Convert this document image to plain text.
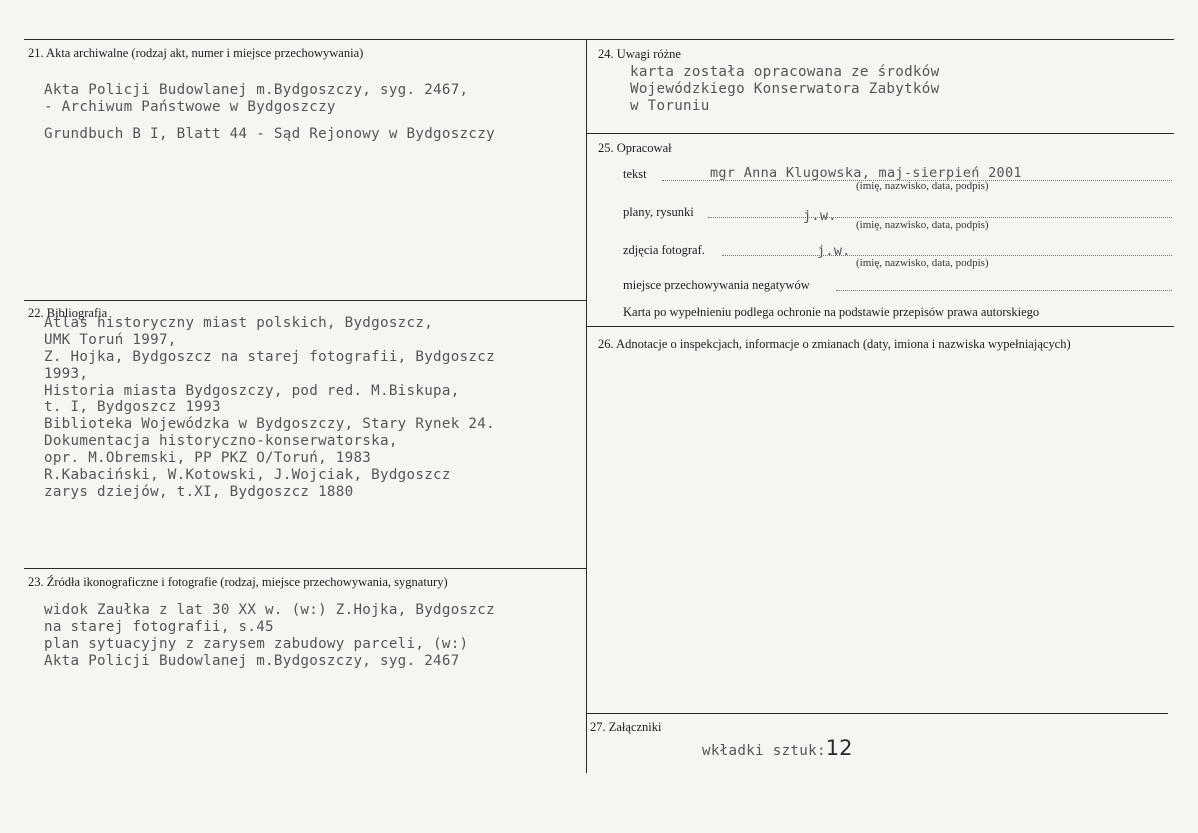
21. Akta archiwalne (rodzaj akt, numer i miejsce przechowywania)
Akta Policji Budowlanej m.Bydgoszczy, syg. 2467,
- Archiwum Państwowe w Bydgoszczy
Grundbuch B I, Blatt 44 - Sąd Rejonowy w Bydgoszczy
22. Bibliografia
Atlas historyczny miast polskich, Bydgoszcz,
UMK Toruń 1997,
Z. Hojka, Bydgoszcz na starej fotografii, Bydgoszcz
1993,
Historia miasta Bydgoszczy, pod red. M.Biskupa,
t. I, Bydgoszcz 1993
Biblioteka Wojewódzka w Bydgoszczy, Stary Rynek 24.
Dokumentacja historyczno-konserwatorska,
opr. M.Obremski, PP PKZ O/Toruń, 1983
R.Kabaciński, W.Kotowski, J.Wojciak, Bydgoszcz
zarys dziejów, t.XI, Bydgoszcz 1880
23. Źródła ikonograficzne i fotografie (rodzaj, miejsce przechowywania, sygnatury)
widok Zaułka z lat 30 XX w. (w:) Z.Hojka, Bydgoszcz
na starej fotografii, s.45
plan sytuacyjny z zarysem zabudowy parceli, (w:)
Akta Policji Budowlanej m.Bydgoszczy, syg. 2467
24. Uwagi różne
karta została opracowana ze środków
Wojewódzkiego Konserwatora Zabytków
w Toruniu
25. Opracował
tekst	mgr Anna Klugowska, maj-sierpień 2001
(imię, nazwisko, data, podpis)
plany, rysunki	j.w.
(imię, nazwisko, data, podpis)
zdjęcia fotograf.	j.w.
(imię, nazwisko, data, podpis)
miejsce przechowywania negatywów
Karta po wypełnieniu podlega ochronie na podstawie przepisów prawa autorskiego
26. Adnotacje o inspekcjach, informacje o zmianach (daty, imiona i nazwiska wypełniających)
27. Załączniki
wkładki sztuk:12
